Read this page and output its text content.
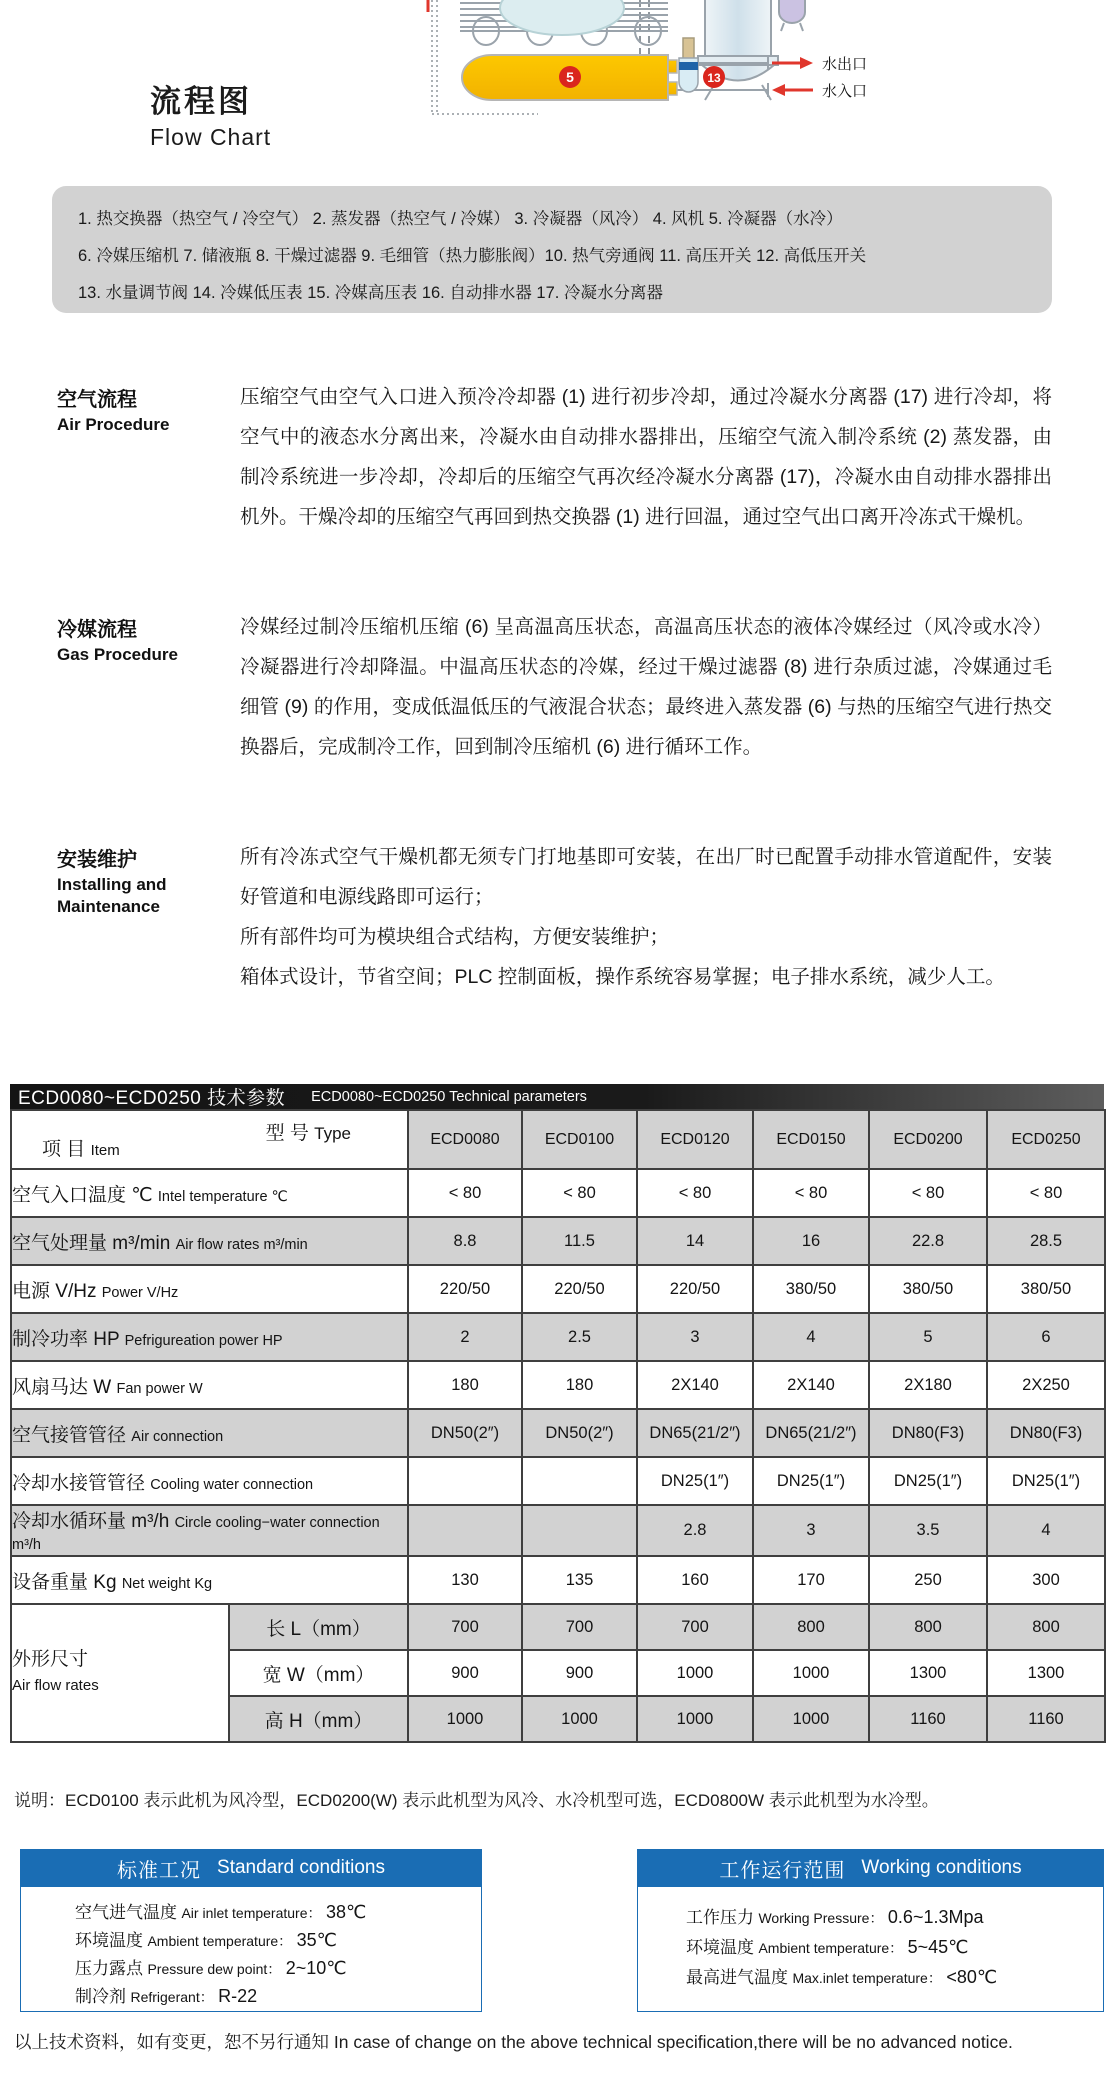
5	13
水出口
水入口
流程图
Flow Chart
1. 热交换器（热空气 / 冷空气） 2. 蒸发器（热空气 / 冷媒） 3. 冷凝器（风冷） 4. 风机 5. 冷凝器（水冷）
6. 冷媒压缩机 7. 储液瓶 8. 干燥过滤器 9. 毛细管（热力膨胀阀）10. 热气旁通阀 11. 高压开关 12. 高低压开关
13. 水量调节阀 14. 冷媒低压表 15. 冷媒高压表 16. 自动排水器 17. 冷凝水分离器
空气流程
Air Procedure
压缩空气由空气入口进入预冷冷却器 (1) 进行初步冷却，通过冷凝水分离器 (17) 进行冷却，将空气中的液态水分离出来，冷凝水由自动排水器排出，压缩空气流入制冷系统 (2) 蒸发器，由制冷系统进一步冷却，冷却后的压缩空气再次经冷凝水分离器 (17)，冷凝水由自动排水器排出机外。干燥冷却的压缩空气再回到热交换器 (1) 进行回温，通过空气出口离开冷冻式干燥机。
冷媒流程
Gas Procedure
冷媒经过制冷压缩机压缩 (6) 呈高温高压状态，高温高压状态的液体冷媒经过（风冷或水冷）冷凝器进行冷却降温。中温高压状态的冷媒，经过干燥过滤器 (8) 进行杂质过滤，冷媒通过毛细管 (9) 的作用，变成低温低压的气液混合状态；最终进入蒸发器 (6) 与热的压缩空气进行热交换器后，完成制冷工作，回到制冷压缩机 (6) 进行循环工作。
安装维护
Installing and Maintenance
所有冷冻式空气干燥机都无须专门打地基即可安装，在出厂时已配置手动排水管道配件，安装好管道和电源线路即可运行；
所有部件均可为模块组合式结构，方便安装维护；
箱体式设计，节省空间；PLC 控制面板，操作系统容易掌握；电子排水系统，减少人工。
ECD0080~ECD0250 技术参数 ECD0080~ECD0250 Technical parameters
项 目 Item
型 号 Type		ECD0080	ECD0100	ECD0120	ECD0150	ECD0200	ECD0250
空气入口温度 ℃ Intel temperature ℃		< 80	< 80	< 80	< 80	< 80	< 80
空气处理量 m³/min Air flow rates m³/min		8.8	11.5	14	16	22.8	28.5
电源 V/Hz Power V/Hz		220/50	220/50	220/50	380/50	380/50	380/50
制冷功率 HP Pefrigureation power HP		2	2.5	3	4	5	6
风扇马达 W Fan power W		180	180	2X140	2X140	2X180	2X250
空气接管管径 Air connection		DN50(2″)	DN50(2″)	DN65(21/2″)	DN65(21/2″)	DN80(F3)	DN80(F3)
冷却水接管管径 Cooling water connection				DN25(1″)	DN25(1″)	DN25(1″)	DN25(1″)
冷却水循环量 m³/h Circle cooling−water connection m³/h				2.8	3	3.5	4
设备重量 Kg Net weight Kg		130	135	160	170	250	300

外形尺寸
Air flow rates	长 L（mm）	700	700	700	800	800	800
	宽 W（mm）	900	900	1000	1000	1300	1300
	高 H（mm）	1000	1000	1000	1000	1160	1160
说明：ECD0100 表示此机为风冷型，ECD0200(W) 表示此机型为风冷、水冷机型可选，ECD0800W 表示此机型为水冷型。
标准工况 Standard conditions
空气进气温度 Air inlet temperature： 38℃
环境温度 Ambient temperature： 35℃
压力露点 Pressure dew point： 2~10℃
制冷剂 Refrigerant： R-22
工作运行范围 Working conditions
工作压力 Working Pressure： 0.6~1.3Mpa
环境温度 Ambient temperature： 5~45℃
最高进气温度 Max.inlet temperature： <80℃
以上技术资料，如有变更，恕不另行通知 In case of change on the above technical specification,there will be no advanced notice.
